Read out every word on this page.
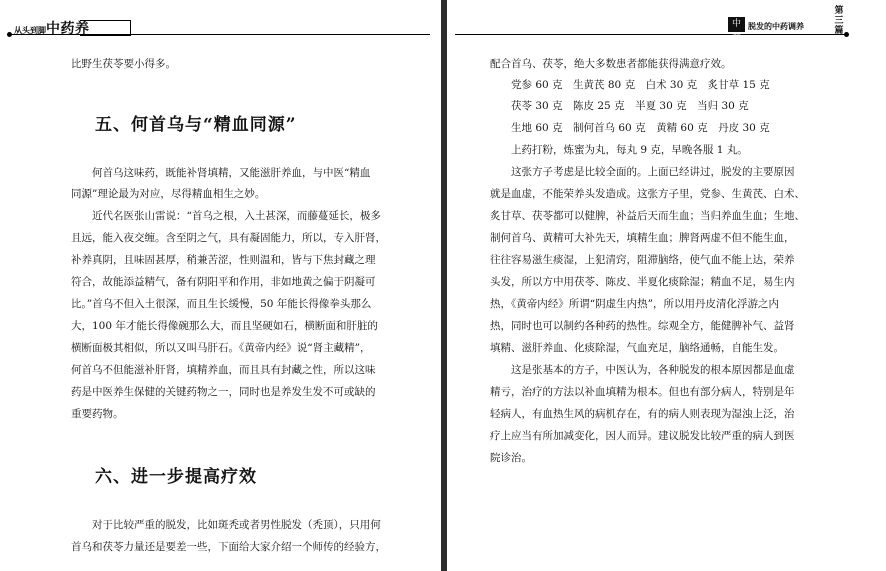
从头到脚中药养
比野生茯苓要小得多。
五、何首乌与“精血同源”
何首乌这味药，既能补肾填精，又能滋肝养血，与中医“精血
同源”理论最为对应，尽得精血相生之妙。
近代名医张山雷说：“首乌之根，入土甚深，而藤蔓延长，极多
且远，能入夜交缠。含至阴之气，具有凝固能力，所以，专入肝肾，
补养真阴，且味固甚厚，稍兼苦涩，性则温和，皆与下焦封藏之理
符合，故能添益精气，备有阴阳平和作用，非如地黄之偏于阴凝可
比。”首乌不但入土很深，而且生长缓慢，50 年能长得像拳头那么
大，100 年才能长得像碗那么大，而且坚硬如石，横断面和肝脏的
横断面极其相似，所以又叫马肝石。《黄帝内经》说“肾主藏精”，
何首乌不但能滋补肝肾，填精养血，而且具有封藏之性，所以这味
药是中医养生保健的关键药物之一，同时也是养发生发不可或缺的
重要药物。
六、进一步提高疗效
对于比较严重的脱发，比如斑秃或者男性脱发（秃顶），只用何
首乌和茯苓力量还是要差一些，下面给大家介绍一个师传的经验方，
中药
脱发的中药调养
第三篇
配合首乌、茯苓，绝大多数患者都能获得满意疗效。
党参 60 克　生黄芪 80 克　白术 30 克　炙甘草 15 克
茯苓 30 克　陈皮 25 克　半夏 30 克　当归 30 克
生地 60 克　制何首乌 60 克　黄精 60 克　丹皮 30 克
上药打粉，炼蜜为丸，每丸 9 克，早晚各服 1 丸。
这张方子考虑是比较全面的。上面已经讲过，脱发的主要原因
就是血虚，不能荣养头发造成。这张方子里，党参、生黄芪、白术、
炙甘草、茯苓都可以健脾，补益后天而生血；当归养血生血；生地、
制何首乌、黄精可大补先天，填精生血；脾肾两虚不但不能生血，
往往容易滋生痰湿，上犯清窍，阻滞脑络，使气血不能上达，荣养
头发，所以方中用茯苓、陈皮、半夏化痰除湿；精血不足，易生内
热，《黄帝内经》所谓“阴虚生内热”，所以用丹皮清化浮游之内
热，同时也可以制约各种药的热性。综观全方，能健脾补气、益肾
填精、滋肝养血、化痰除湿，气血充足，脑络通畅，自能生发。
这是张基本的方子，中医认为，各种脱发的根本原因都是血虚
精亏，治疗的方法以补血填精为根本。但也有部分病人，特别是年
轻病人，有血热生风的病机存在，有的病人则表现为湿浊上泛，治
疗上应当有所加减变化，因人而异。建议脱发比较严重的病人到医
院诊治。
